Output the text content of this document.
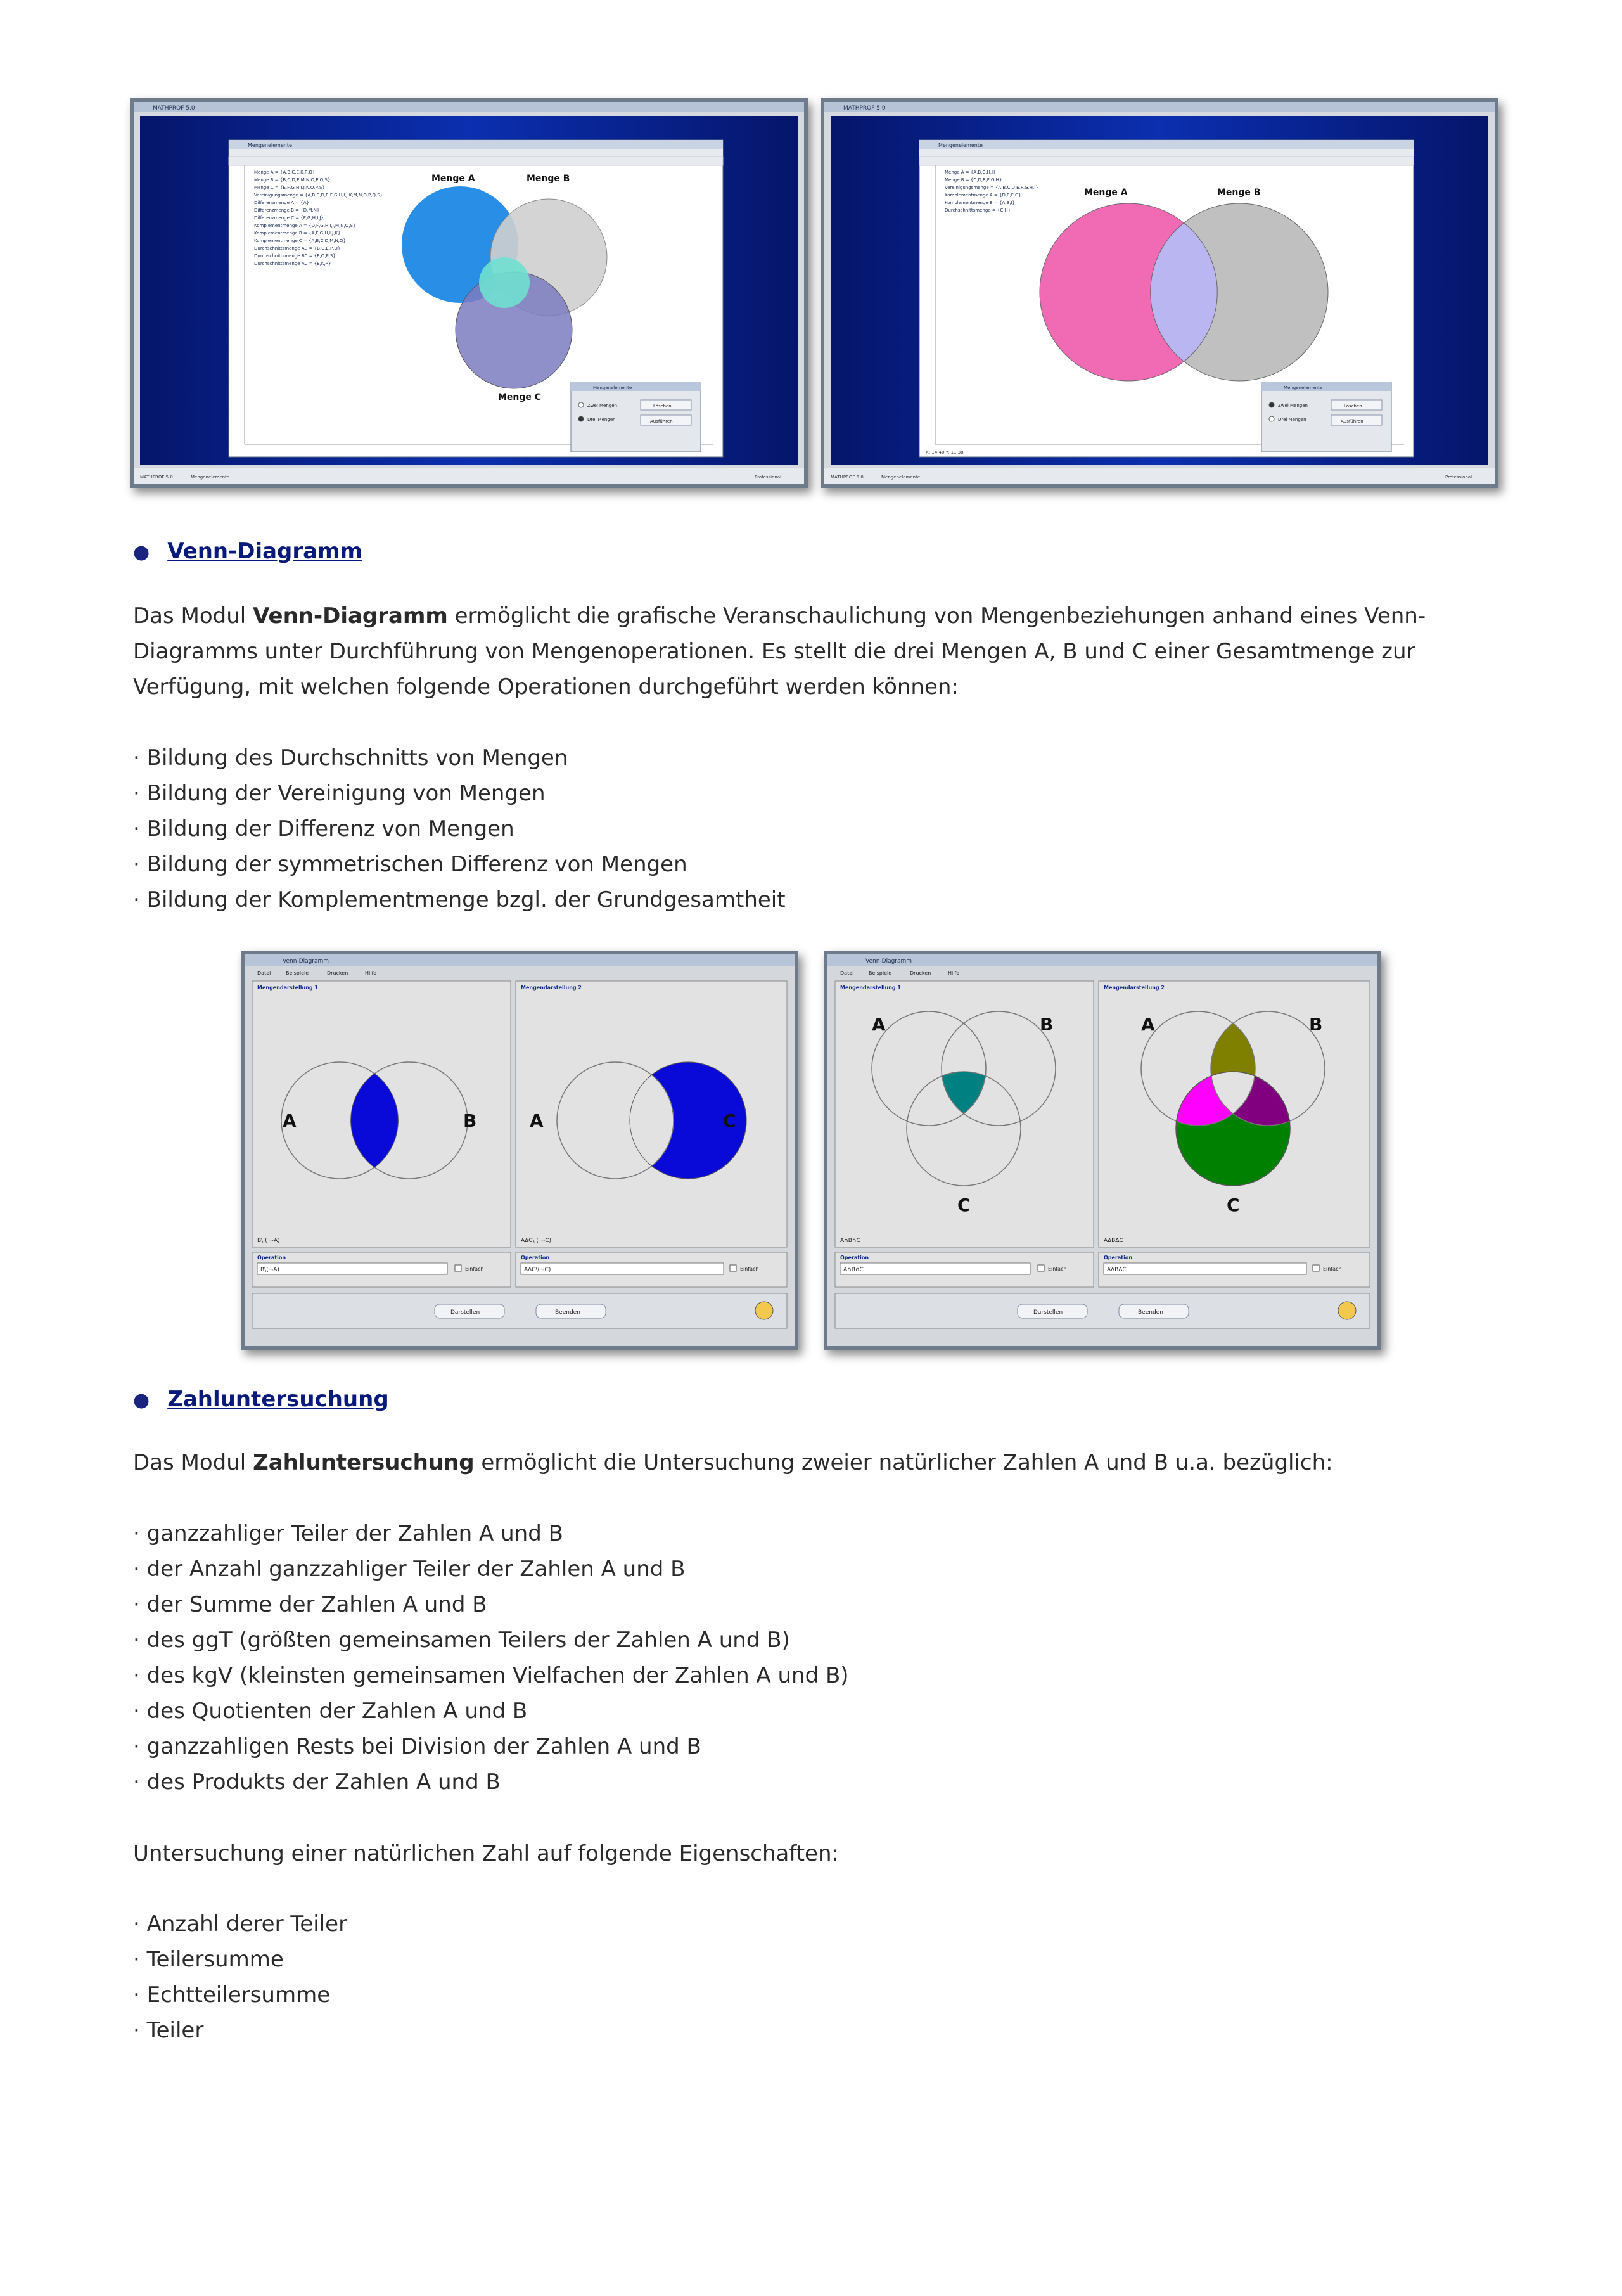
MATHPROF 5.0
Mengenelemente
Menge A = {A,B,C,E,K,P,Q}
Menge B = {B,C,D,E,M,N,O,P,Q,S}
Menge C = {E,F,G,H,I,J,K,O,P,S}
Vereinigungsmenge = {A,B,C,D,E,F,G,H,I,J,K,M,N,O,P,Q,S}
Differenzmenge A = {A}
Differenzmenge B = {D,M,N}
Differenzmenge C = {F,G,H,I,J}
Komplementmenge A = {D,F,G,H,I,J,M,N,O,S}
Komplementmenge B = {A,F,G,H,I,J,K}
Komplementmenge C = {A,B,C,D,M,N,Q}
Durchschnittsmenge AB = {B,C,E,P,Q}
Durchschnittsmenge BC = {E,O,P,S}
Durchschnittsmenge AC = {E,K,P}
Menge A	Menge B
Menge C
Mengenelemente
Zwei Mengen
Drei Mengen
Löschen
Ausführen
MATHPROF 5.0	Mengenelemente	Professional
MATHPROF 5.0
Mengenelemente
Menge A = {A,B,C,H,I}
Menge B = {C,D,E,F,G,H}
Vereinigungsmenge = {A,B,C,D,E,F,G,H,I}
Komplementmenge A = {D,E,F,G}
Komplementmenge B = {A,B,I}
Durchschnittsmenge = {C,H}
Menge A	Menge B
Mengenelemente
Zwei Mengen
Drei Mengen
Löschen
Ausführen
X: 14.40 Y: 11.38
MATHPROF 5.0	Mengenelemente	Professional
● Venn-Diagramm

Das Modul Venn-Diagramm ermöglicht die grafische Veranschaulichung von Mengenbeziehungen anhand eines Venn-Diagramms unter Durchführung von Mengenoperationen. Es stellt die drei Mengen A, B und C einer Gesamtmenge zur Verfügung, mit welchen folgende Operationen durchgeführt werden können:

· Bildung des Durchschnitts von Mengen
· Bildung der Vereinigung von Mengen
· Bildung der Differenz von Mengen
· Bildung der symmetrischen Differenz von Mengen
· Bildung der Komplementmenge bzgl. der Grundgesamtheit
Venn-Diagramm
Datei	Beispiele	Drucken	Hilfe
Mengendarstellung 1
A	B
B\ ( ¬A)
Mengendarstellung 2
A	C
A∆C\ ( ¬C)
Operation
B\(¬A)	Einfach
Operation
A∆C\(¬C)	Einfach
Darstellen	Beenden
Venn-Diagramm
Datei	Beispiele	Drucken	Hilfe
Mengendarstellung 1
A	B
C
A∩B∩C
Mengendarstellung 2
A	B
C
A∆B∆C
Operation
A∩B∩C	Einfach
Operation
A∆B∆C	Einfach
Darstellen	Beenden
● Zahluntersuchung

Das Modul Zahluntersuchung ermöglicht die Untersuchung zweier natürlicher Zahlen A und B u.a. bezüglich:

· ganzzahliger Teiler der Zahlen A und B
· der Anzahl ganzzahliger Teiler der Zahlen A und B
· der Summe der Zahlen A und B
· des ggT (größten gemeinsamen Teilers der Zahlen A und B)
· des kgV (kleinsten gemeinsamen Vielfachen der Zahlen A und B)
· des Quotienten der Zahlen A und B
· ganzzahligen Rests bei Division der Zahlen A und B
· des Produkts der Zahlen A und B

Untersuchung einer natürlichen Zahl auf folgende Eigenschaften:

· Anzahl derer Teiler
· Teilersumme
· Echtteilersumme
· Teiler
